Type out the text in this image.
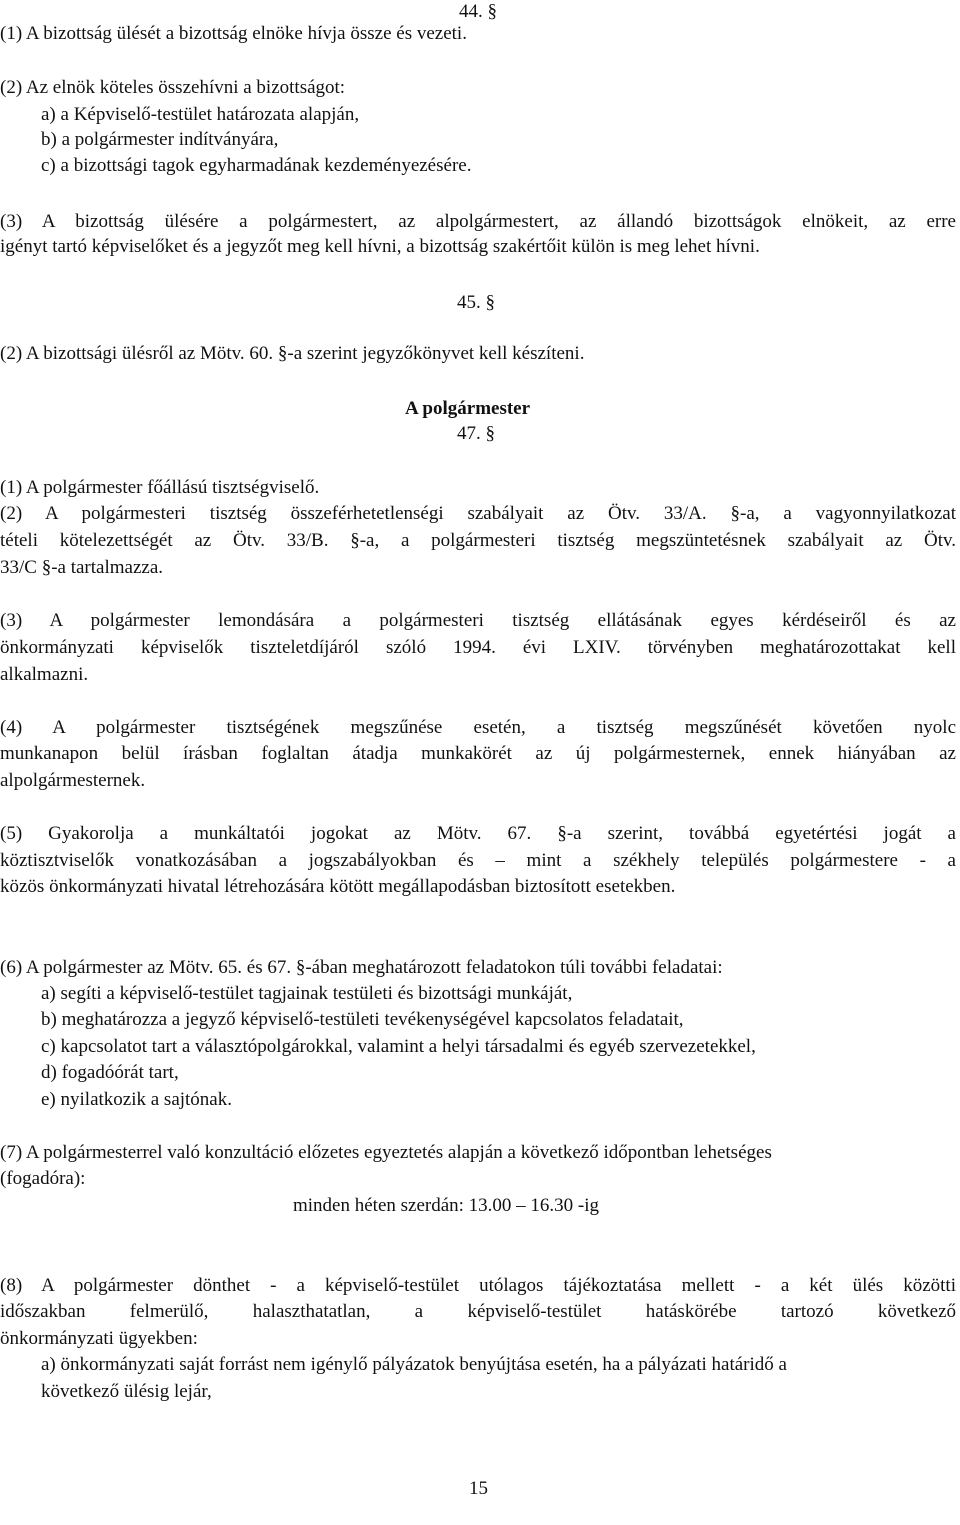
44. §
(1) A bizottság ülését a bizottság elnöke hívja össze és vezeti.
(2) Az elnök köteles összehívni a bizottságot:
a) a Képviselő-testület határozata alapján,
b) a polgármester indítványára,
c) a bizottsági tagok egyharmadának kezdeményezésére.
(3) A bizottság ülésére a polgármestert, az alpolgármestert, az állandó bizottságok elnökeit, az erre
igényt tartó képviselőket és a jegyzőt meg kell hívni, a bizottság szakértőit külön is meg lehet hívni.
45. §
(2) A bizottsági ülésről az Mötv. 60. §-a szerint jegyzőkönyvet kell készíteni.
A polgármester
47. §
(1) A polgármester főállású tisztségviselő.
(2) A polgármesteri tisztség összeférhetetlenségi szabályait az Ötv. 33/A. §-a, a vagyonnyilatkozat
tételi kötelezettségét az Ötv. 33/B. §-a, a polgármesteri tisztség megszüntetésnek szabályait az Ötv.
33/C §-a tartalmazza.
(3) A polgármester lemondására a polgármesteri tisztség ellátásának egyes kérdéseiről és az
önkormányzati képviselők tiszteletdíjáról szóló 1994. évi LXIV. törvényben meghatározottakat kell
alkalmazni.
(4) A polgármester tisztségének megszűnése esetén, a tisztség megszűnését követően nyolc
munkanapon belül írásban foglaltan átadja munkakörét az új polgármesternek, ennek hiányában az
alpolgármesternek.
(5) Gyakorolja a munkáltatói jogokat az Mötv. 67. §-a szerint, továbbá egyetértési jogát a
köztisztviselők vonatkozásában a jogszabályokban és – mint a székhely település polgármestere - a
közös önkormányzati hivatal létrehozására kötött megállapodásban biztosított esetekben.
(6) A polgármester az Mötv. 65. és 67. §-ában meghatározott feladatokon túli további feladatai:
a) segíti a képviselő-testület tagjainak testületi és bizottsági munkáját,
b) meghatározza a jegyző képviselő-testületi tevékenységével kapcsolatos feladatait,
c) kapcsolatot tart a választópolgárokkal, valamint a helyi társadalmi és egyéb szervezetekkel,
d) fogadóórát tart,
e) nyilatkozik a sajtónak.
(7) A polgármesterrel való konzultáció előzetes egyeztetés alapján a következő időpontban lehetséges
(fogadóra):
minden héten szerdán: 13.00 – 16.30 -ig
(8) A polgármester dönthet - a képviselő-testület utólagos tájékoztatása mellett - a két ülés közötti
időszakban felmerülő, halaszthatatlan, a képviselő-testület hatáskörébe tartozó következő
önkormányzati ügyekben:
a) önkormányzati saját forrást nem igénylő pályázatok benyújtása esetén, ha a pályázati határidő a
következő ülésig lejár,
15
